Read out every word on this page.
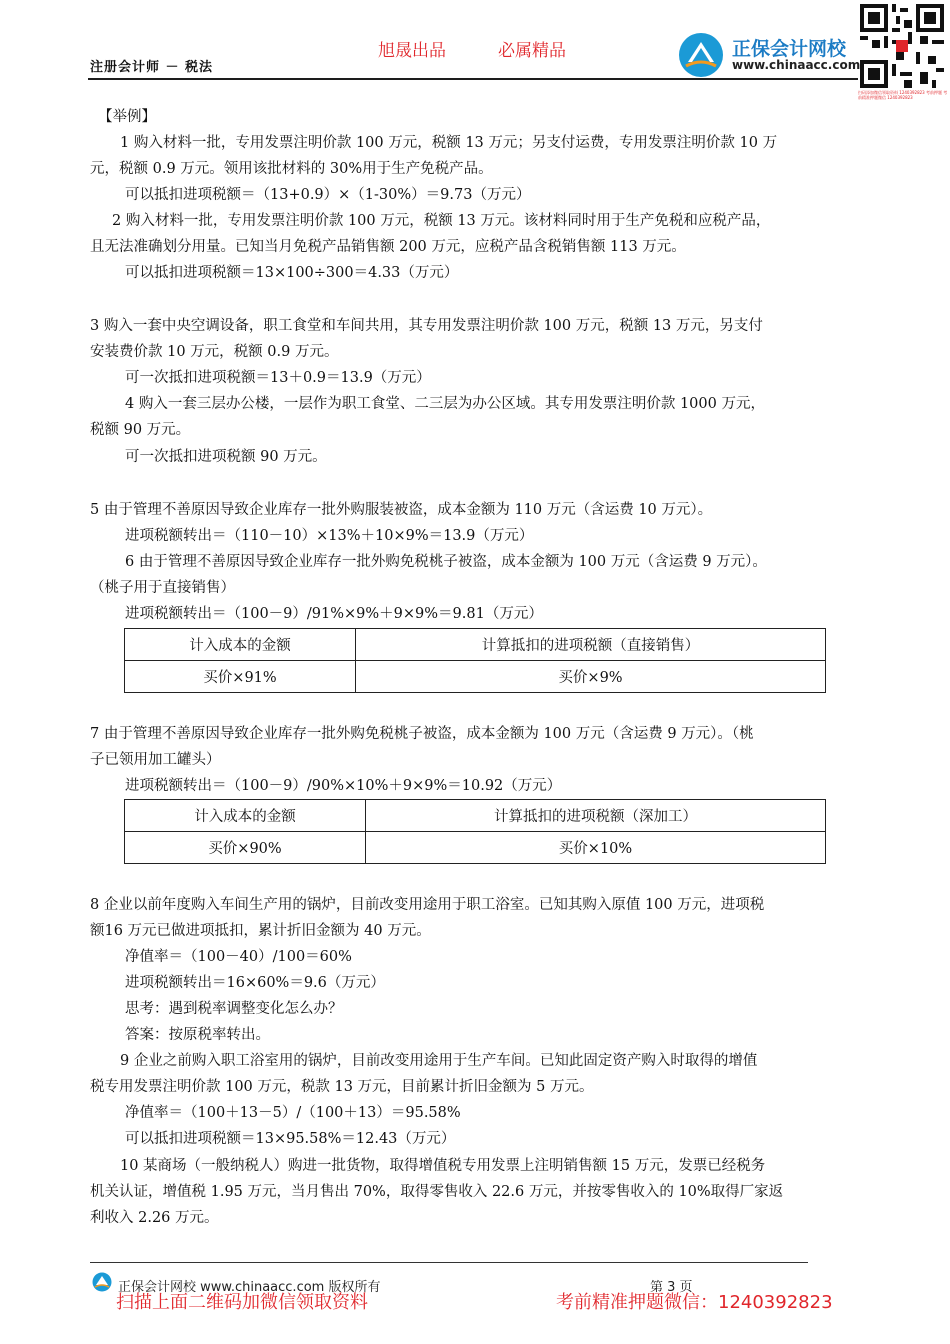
旭晟出品	必属精品
注册会计师 － 税法
正保会计网校
www.chinaacc.com
扫码添加微信领取资料 1240392823 考前押题 考前精准押题微信 1240392823
【举例】
1 购入材料一批，专用发票注明价款 100 万元，税额 13 万元；另支付运费，专用发票注明价款 10 万
元，税额 0.9 万元。领用该批材料的 30%用于生产免税产品。
可以抵扣进项税额＝（13+0.9）×（1-30%）＝9.73（万元）
2 购入材料一批，专用发票注明价款 100 万元，税额 13 万元。该材料同时用于生产免税和应税产品，
且无法准确划分用量。已知当月免税产品销售额 200 万元，应税产品含税销售额 113 万元。
可以抵扣进项税额＝13×100÷300＝4.33（万元）
3 购入一套中央空调设备，职工食堂和车间共用，其专用发票注明价款 100 万元，税额 13 万元，另支付
安装费价款 10 万元，税额 0.9 万元。
可一次抵扣进项税额＝13＋0.9＝13.9（万元）
4 购入一套三层办公楼，一层作为职工食堂、二三层为办公区域。其专用发票注明价款 1000 万元，
税额 90 万元。
可一次抵扣进项税额 90 万元。
5 由于管理不善原因导致企业库存一批外购服装被盗，成本金额为 110 万元（含运费 10 万元）。
进项税额转出＝（110－10）×13%＋10×9%＝13.9（万元）
6 由于管理不善原因导致企业库存一批外购免税桃子被盗，成本金额为 100 万元（含运费 9 万元）。
（桃子用于直接销售）
进项税额转出＝（100－9）/91%×9%＋9×9%＝9.81（万元）
计入成本的金额	计算抵扣的进项税额（直接销售）
买价×91%	买价×9%
7 由于管理不善原因导致企业库存一批外购免税桃子被盗，成本金额为 100 万元（含运费 9 万元）。（桃
子已领用加工罐头）
进项税额转出＝（100－9）/90%×10%＋9×9%＝10.92（万元）
计入成本的金额	计算抵扣的进项税额（深加工）
买价×90%	买价×10%
8 企业以前年度购入车间生产用的锅炉，目前改变用途用于职工浴室。已知其购入原值 100 万元，进项税
额16 万元已做进项抵扣，累计折旧金额为 40 万元。
净值率＝（100－40）/100＝60%
进项税额转出＝16×60%＝9.6（万元）
思考：遇到税率调整变化怎么办？
答案：按原税率转出。
9 企业之前购入职工浴室用的锅炉，目前改变用途用于生产车间。已知此固定资产购入时取得的增值
税专用发票注明价款 100 万元，税款 13 万元，目前累计折旧金额为 5 万元。
净值率＝（100＋13－5）/（100＋13）＝95.58%
可以抵扣进项税额＝13×95.58%＝12.43（万元）
10 某商场（一般纳税人）购进一批货物，取得增值税专用发票上注明销售额 15 万元，发票已经税务
机关认证，增值税 1.95 万元，当月售出 70%，取得零售收入 22.6 万元，并按零售收入的 10%取得厂家返
利收入 2.26 万元。
正保会计网校 www.chinaacc.com 版权所有	第 3 页
扫描上面二维码加微信领取资料	考前精准押题微信：1240392823
